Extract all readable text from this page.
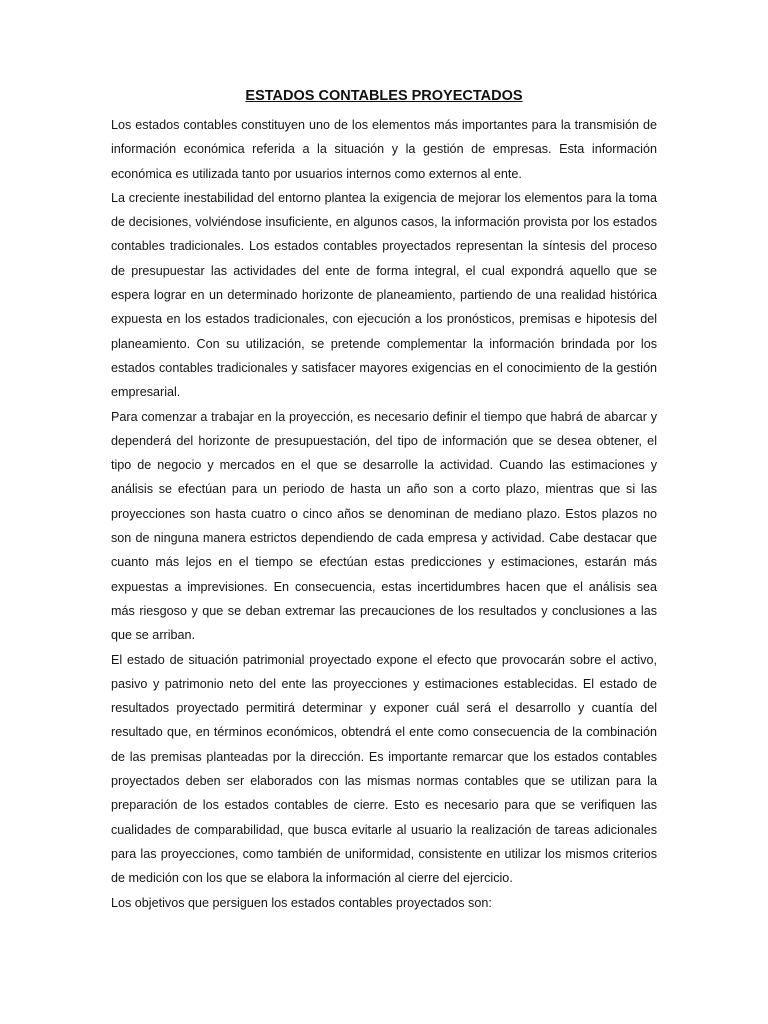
ESTADOS CONTABLES PROYECTADOS

Los estados contables constituyen uno de los elementos más importantes para la transmisión de información económica referida a la situación y la gestión de empresas. Esta información económica es utilizada tanto por usuarios internos como externos al ente.

La creciente inestabilidad del entorno plantea la exigencia de mejorar los elementos para la toma de decisiones, volviéndose insuficiente, en algunos casos, la información provista por los estados contables tradicionales. Los estados contables proyectados representan la síntesis del proceso de presupuestar las actividades del ente de forma integral, el cual expondrá aquello que se espera lograr en un determinado horizonte de planeamiento, partiendo de una realidad histórica expuesta en los estados tradicionales, con ejecución a los pronósticos, premisas e hipotesis del planeamiento. Con su utilización, se pretende complementar la información brindada por los estados contables tradicionales y satisfacer mayores exigencias en el conocimiento de la gestión empresarial.

Para comenzar a trabajar en la proyección, es necesario definir el tiempo que habrá de abarcar y dependerá del horizonte de presupuestación, del tipo de información que se desea obtener, el tipo de negocio y mercados en el que se desarrolle la actividad. Cuando las estimaciones y análisis se efectúan para un periodo de hasta un año son a corto plazo, mientras que si las proyecciones son hasta cuatro o cinco años se denominan de mediano plazo. Estos plazos no son de ninguna manera estrictos dependiendo de cada empresa y actividad. Cabe destacar que cuanto más lejos en el tiempo se efectúan estas predicciones y estimaciones, estarán más expuestas a imprevisiones. En consecuencia, estas incertidumbres hacen que el análisis sea más riesgoso y que se deban extremar las precauciones de los resultados y conclusiones a las que se arriban.

El estado de situación patrimonial proyectado expone el efecto que provocarán sobre el activo, pasivo y patrimonio neto del ente las proyecciones y estimaciones establecidas. El estado de resultados proyectado permitirá determinar y exponer cuál será el desarrollo y cuantía del resultado que, en términos económicos, obtendrá el ente como consecuencia de la combinación de las premisas planteadas por la dirección. Es importante remarcar que los estados contables proyectados deben ser elaborados con las mismas normas contables que se utilizan para la preparación de los estados contables de cierre. Esto es necesario para que se verifiquen las cualidades de comparabilidad, que busca evitarle al usuario la realización de tareas adicionales para las proyecciones, como también de uniformidad, consistente en utilizar los mismos criterios de medición con los que se elabora la información al cierre del ejercicio.

Los objetivos que persiguen los estados contables proyectados son:
